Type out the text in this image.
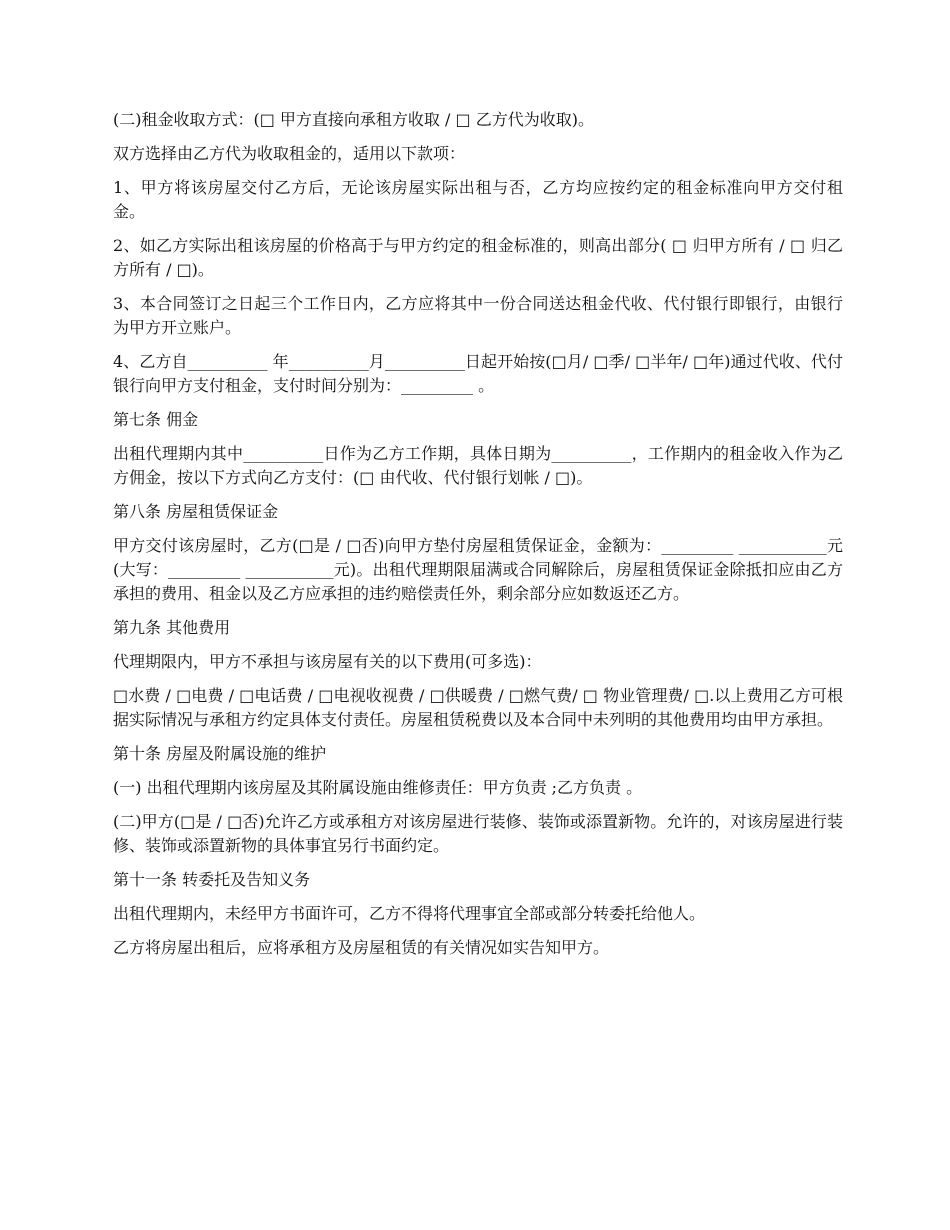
(二)租金收取方式：(□ 甲方直接向承租方收取 / □ 乙方代为收取)。

双方选择由乙方代为收取租金的，适用以下款项：

1、甲方将该房屋交付乙方后，无论该房屋实际出租与否，乙方均应按约定的租金标准向甲方交付租金。

2、如乙方实际出租该房屋的价格高于与甲方约定的租金标准的，则高出部分( □ 归甲方所有 / □ 归乙方所有 / □)。

3、本合同签订之日起三个工作日内，乙方应将其中一份合同送达租金代收、代付银行即银行，由银行为甲方开立账户。

4、乙方自__________ 年__________月__________日起开始按(□月/ □季/ □半年/ □年)通过代收、代付银行向甲方支付租金，支付时间分别为：_________ 。

第七条 佣金

出租代理期内其中__________日作为乙方工作期，具体日期为__________，工作期内的租金收入作为乙方佣金，按以下方式向乙方支付：(□ 由代收、代付银行划帐 / □)。

第八条 房屋租赁保证金

甲方交付该房屋时，乙方(□是 / □否)向甲方垫付房屋租赁保证金，金额为：_________ ___________元(大写：_________ ___________元)。出租代理期限届满或合同解除后，房屋租赁保证金除抵扣应由乙方承担的费用、租金以及乙方应承担的违约赔偿责任外，剩余部分应如数返还乙方。

第九条 其他费用

代理期限内，甲方不承担与该房屋有关的以下费用(可多选)：

□水费 / □电费 / □电话费 / □电视收视费 / □供暖费 / □燃气费/ □ 物业管理费/ □.以上费用乙方可根据实际情况与承租方约定具体支付责任。房屋租赁税费以及本合同中未列明的其他费用均由甲方承担。

第十条 房屋及附属设施的维护

(一) 出租代理期内该房屋及其附属设施由维修责任：甲方负责 ;乙方负责 。

(二)甲方(□是 / □否)允许乙方或承租方对该房屋进行装修、装饰或添置新物。允许的，对该房屋进行装修、装饰或添置新物的具体事宜另行书面约定。

第十一条 转委托及告知义务

出租代理期内，未经甲方书面许可，乙方不得将代理事宜全部或部分转委托给他人。

乙方将房屋出租后，应将承租方及房屋租赁的有关情况如实告知甲方。
